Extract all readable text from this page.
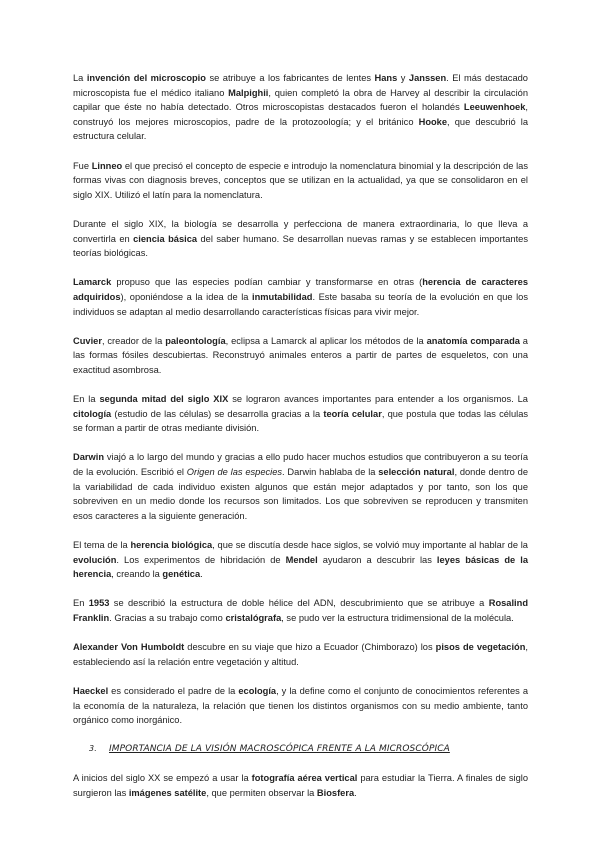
La invención del microscopio se atribuye a los fabricantes de lentes Hans y Janssen. El más destacado microscopista fue el médico italiano Malpighii, quien completó la obra de Harvey al describir la circulación capilar que éste no había detectado. Otros microscopistas destacados fueron el holandés Leeuwenhoek, construyó los mejores microscopios, padre de la protozoología; y el británico Hooke, que descubrió la estructura celular.

Fue Linneo el que precisó el concepto de especie e introdujo la nomenclatura binomial y la descripción de las formas vivas con diagnosis breves, conceptos que se utilizan en la actualidad, ya que se consolidaron en el siglo XIX. Utilizó el latín para la nomenclatura.

Durante el siglo XIX, la biología se desarrolla y perfecciona de manera extraordinaria, lo que lleva a convertirla en ciencia básica del saber humano. Se desarrollan nuevas ramas y se establecen importantes teorías biológicas.

Lamarck propuso que las especies podían cambiar y transformarse en otras (herencia de caracteres adquiridos), oponiéndose a la idea de la inmutabilidad. Este basaba su teoría de la evolución en que los individuos se adaptan al medio desarrollando características físicas para vivir mejor.

Cuvier, creador de la paleontología, eclipsa a Lamarck al aplicar los métodos de la anatomía comparada a las formas fósiles descubiertas. Reconstruyó animales enteros a partir de partes de esqueletos, con una exactitud asombrosa.

En la segunda mitad del siglo XIX se lograron avances importantes para entender a los organismos. La citología (estudio de las células) se desarrolla gracias a la teoría celular, que postula que todas las células se forman a partir de otras mediante división.

Darwin viajó a lo largo del mundo y gracias a ello pudo hacer muchos estudios que contribuyeron a su teoría de la evolución. Escribió el Origen de las especies. Darwin hablaba de la selección natural, donde dentro de la variabilidad de cada individuo existen algunos que están mejor adaptados y por tanto, son los que sobreviven en un medio donde los recursos son limitados. Los que sobreviven se reproducen y transmiten esos caracteres a la siguiente generación.

El tema de la herencia biológica, que se discutía desde hace siglos, se volvió muy importante al hablar de la evolución. Los experimentos de hibridación de Mendel ayudaron a descubrir las leyes básicas de la herencia, creando la genética.

En 1953 se describió la estructura de doble hélice del ADN, descubrimiento que se atribuye a Rosalind Franklin. Gracias a su trabajo como cristalógrafa, se pudo ver la estructura tridimensional de la molécula.

Alexander Von Humboldt descubre en su viaje que hizo a Ecuador (Chimborazo) los pisos de vegetación, estableciendo así la relación entre vegetación y altitud.

Haeckel es considerado el padre de la ecología, y la define como el conjunto de conocimientos referentes a la economía de la naturaleza, la relación que tienen los distintos organismos con su medio ambiente, tanto orgánico como inorgánico.

3. IMPORTANCIA DE LA VISIÓN MACROSCÓPICA FRENTE A LA MICROSCÓPICA

A inicios del siglo XX se empezó a usar la fotografía aérea vertical para estudiar la Tierra. A finales de siglo surgieron las imágenes satélite, que permiten observar la Biosfera.
